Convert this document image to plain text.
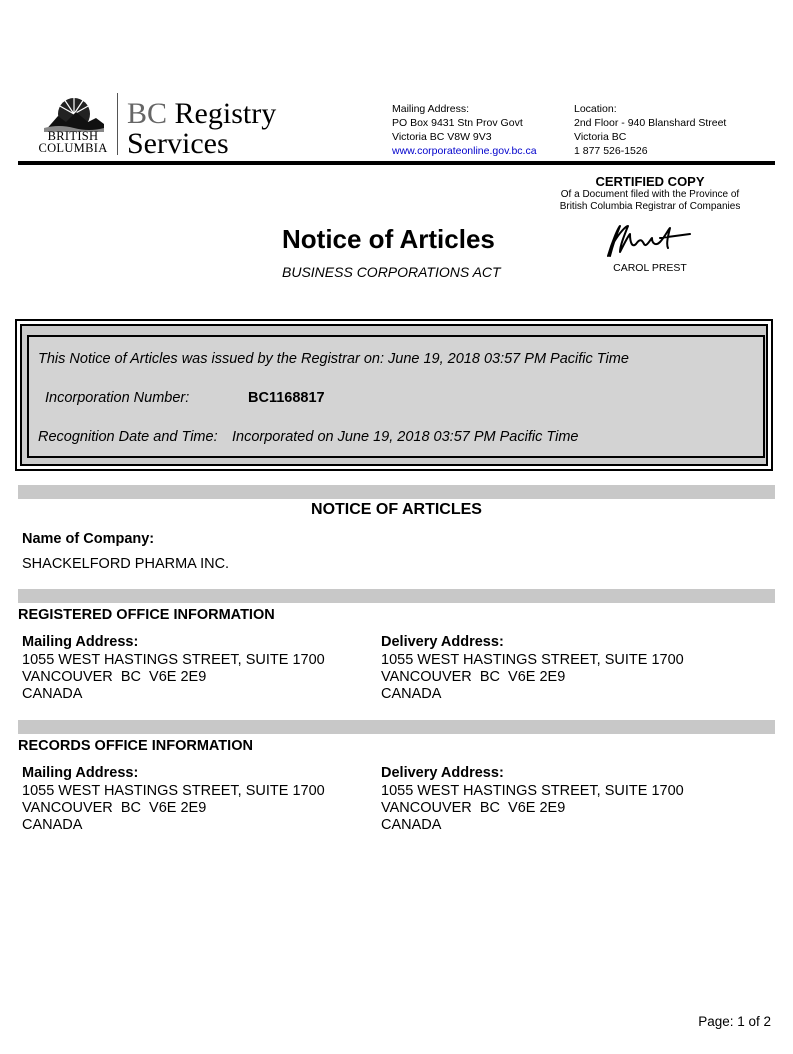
BRITISH
COLUMBIA
BC Registry
Services
Mailing Address:
PO Box 9431 Stn Prov Govt
Victoria BC V8W 9V3
www.corporateonline.gov.bc.ca
Location:
2nd Floor - 940 Blanshard Street
Victoria BC
1 877 526-1526
CERTIFIED COPY
Of a Document filed with the Province of
British Columbia Registrar of Companies
CAROL PREST
Notice of Articles
BUSINESS CORPORATIONS ACT
This Notice of Articles was issued by the Registrar on: June 19, 2018 03:57 PM Pacific Time
Incorporation Number:	BC1168817
Recognition Date and Time: Incorporated on June 19, 2018 03:57 PM Pacific Time
NOTICE OF ARTICLES
Name of Company:
SHACKELFORD PHARMA INC.
REGISTERED OFFICE INFORMATION
Mailing Address:
1055 WEST HASTINGS STREET, SUITE 1700
VANCOUVER  BC  V6E 2E9
CANADA
Delivery Address:
1055 WEST HASTINGS STREET, SUITE 1700
VANCOUVER  BC  V6E 2E9
CANADA
RECORDS OFFICE INFORMATION
Mailing Address:
1055 WEST HASTINGS STREET, SUITE 1700
VANCOUVER  BC  V6E 2E9
CANADA
Delivery Address:
1055 WEST HASTINGS STREET, SUITE 1700
VANCOUVER  BC  V6E 2E9
CANADA
Page: 1 of 2
